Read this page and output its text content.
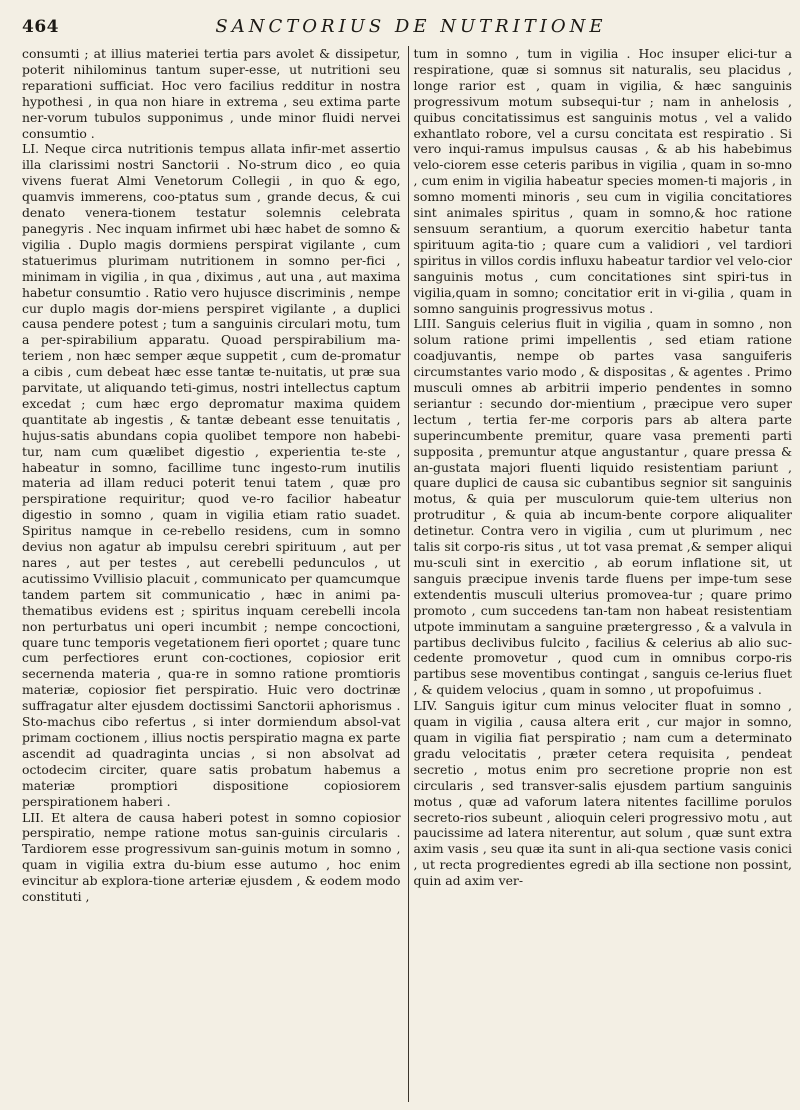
464	SANCTORIUS DE NUTRITIONE

consumti ; at illius materiei tertia pars avolet & dissipetur, poterit nihilominus tantum super-esse, ut nutritioni seu reparationi sufficiat. Hoc vero facilius redditur in nostra hypothesi , in qua non hiare in extrema , seu extima parte ner-vorum tubulos supponimus , unde minor fluidi nervei consumtio .

LI. Neque circa nutritionis tempus allata infir-met assertio illa clarissimi nostri Sanctorii . No-strum dico , eo quia vivens fuerat Almi Venetorum Collegii , in quo & ego, quamvis immerens, coo-ptatus sum , grande decus, & cui denato venera-tionem testatur solemnis celebrata panegyris . Nec inquam infirmet ubi hæc habet de somno & vigilia . Duplo magis dormiens perspirat vigilante , cum statuerimus plurimam nutritionem in somno per-fici , minimam in vigilia , in qua , diximus , aut una , aut maxima habetur consumtio . Ratio vero hujusce discriminis , nempe cur duplo magis dor-miens perspiret vigilante , a duplici causa pendere potest ; tum a sanguinis circulari motu, tum a per-spirabilium apparatu. Quoad perspirabilium ma-teriem , non hæc semper æque suppetit , cum de-promatur a cibis , cum debeat hæc esse tantæ te-nuitatis, ut præ sua parvitate, ut aliquando teti-gimus, nostri intellectus captum excedat ; cum hæc ergo depromatur maxima quidem quantitate ab ingestis , & tantæ debeant esse tenuitatis , hujus-satis abundans copia quolibet tempore non habebi-tur, nam cum quælibet digestio , experientia te-ste , habeatur in somno, facillime tunc ingesto-rum inutilis materia ad illam reduci poterit tenui tatem , quæ pro perspiratione requiritur; quod ve-ro facilior habeatur digestio in somno , quam in vigilia etiam ratio suadet. Spiritus namque in ce-rebello residens, cum in somno devius non agatur ab impulsu cerebri spirituum , aut per nares , aut per testes , aut cerebelli pedunculos , ut acutissimo Vvillisio placuit , communicato per quamcumque tandem partem sit communicatio , hæc in animi pa-thematibus evidens est ; spiritus inquam cerebelli incola non perturbatus uni operi incumbit ; nempe concoctioni, quare tunc temporis vegetationem fieri oportet ; quare tunc cum perfectiores erunt con-coctiones, copiosior erit secernenda materia , qua-re in somno ratione promtioris materiæ, copiosior fiet perspiratio. Huic vero doctrinæ suffragatur alter ejusdem doctissimi Sanctorii aphorismus . Sto-machus cibo refertus , si inter dormiendum absol-vat primam coctionem , illius noctis perspiratio magna ex parte ascendit ad quadraginta uncias , si non absolvat ad octodecim circiter, quare satis probatum habemus a materiæ promptiori dispositione copiosiorem perspirationem haberi .

LII. Et altera de causa haberi potest in somno copiosior perspiratio, nempe ratione motus san-guinis circularis . Tardiorem esse progressivum san-guinis motum in somno , quam in vigilia extra du-bium esse autumo , hoc enim evincitur ab explora-tione arteriæ ejusdem , & eodem modo constituti ,

tum in somno , tum in vigilia . Hoc insuper elici-tur a respiratione, quæ si somnus sit naturalis, seu placidus , longe rarior est , quam in vigilia, & hæc sanguinis progressivum motum subsequi-tur ; nam in anhelosis , quibus concitatissimus est sanguinis motus , vel a valido exhantlato robore, vel a cursu concitata est respiratio . Si vero inqui-ramus impulsus causas , & ab his habebimus velo-ciorem esse ceteris paribus in vigilia , quam in so-mno , cum enim in vigilia habeatur species momen-ti majoris , in somno momenti minoris , seu cum in vigilia concitatiores sint animales spiritus , quam in somno,& hoc ratione sensuum serantium, a quorum exercitio habetur tanta spirituum agita-tio ; quare cum a validiori , vel tardiori spiritus in villos cordis influxu habeatur tardior vel velo-cior sanguinis motus , cum concitationes sint spiri-tus in vigilia,quam in somno; concitatior erit in vi-gilia , quam in somno sanguinis progressivus motus .

LIII. Sanguis celerius fluit in vigilia , quam in somno , non solum ratione primi impellentis , sed etiam ratione coadjuvantis, nempe ob partes vasa sanguiferis circumstantes vario modo , & dispositas , & agentes . Primo musculi omnes ab arbitrii imperio pendentes in somno seriantur : secundo dor-mientium , præcipue vero super lectum , tertia fer-me corporis pars ab altera parte superincumbente premitur, quare vasa prementi parti supposita , premuntur atque angustantur , quare pressa & an-gustata majori fluenti liquido resistentiam pariunt , quare duplici de causa sic cubantibus segnior sit sanguinis motus, & quia per musculorum quie-tem ulterius non protruditur , & quia ab incum-bente corpore aliqualiter detinetur. Contra vero in vigilia , cum ut plurimum , nec talis sit corpo-ris situs , ut tot vasa premat ,& semper aliqui mu-sculi sint in exercitio , ab eorum inflatione sit, ut sanguis præcipue invenis tarde fluens per impe-tum sese extendentis musculi ulterius promovea-tur ; quare primo promoto , cum succedens tan-tam non habeat resistentiam utpote imminutam a sanguine prætergresso , & a valvula in partibus declivibus fulcito , facilius & celerius ab alio suc-cedente promovetur , quod cum in omnibus corpo-ris partibus sese moventibus contingat , sanguis ce-lerius fluet , & quidem velocius , quam in somno , ut propofuimus .

LIV. Sanguis igitur cum minus velociter fluat in somno , quam in vigilia , causa altera erit , cur major in somno, quam in vigilia fiat perspiratio ; nam cum a determinato gradu velocitatis , præter cetera requisita , pendeat secretio , motus enim pro secretione proprie non est circularis , sed transver-salis ejusdem partium sanguinis motus , quæ ad vaforum latera nitentes facillime porulos secreto-rios subeunt , alioquin celeri progressivo motu , aut paucissime ad latera niterentur, aut solum , quæ sunt extra axim vasis , seu quæ ita sunt in ali-qua sectione vasis conici , ut recta progredientes egredi ab illa sectione non possint, quin ad axim ver-
